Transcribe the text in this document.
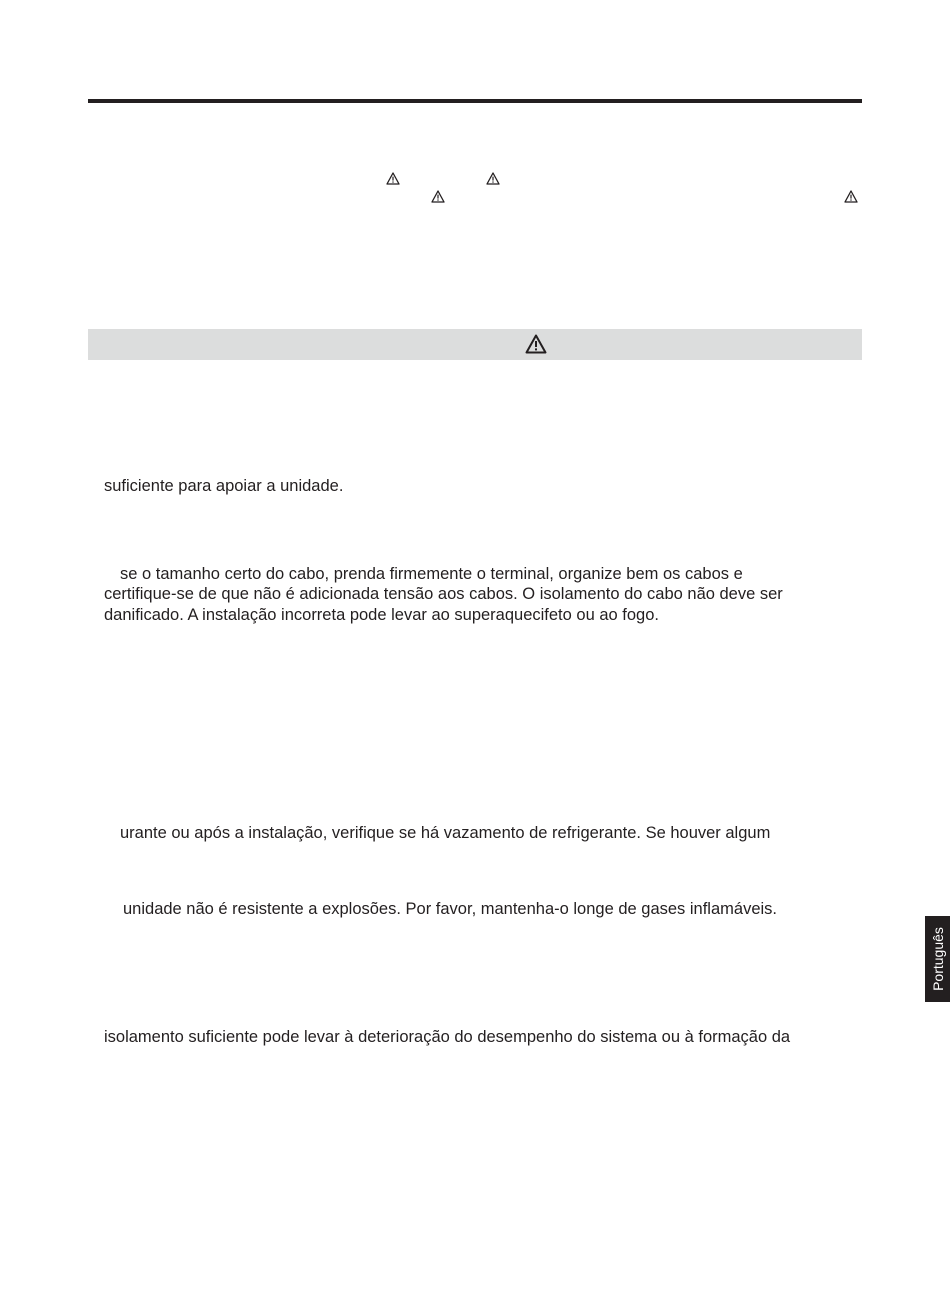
suficiente para apoiar a unidade.
se o tamanho certo do cabo, prenda firmemente o terminal, organize bem os cabos e
certifique-se de que não é adicionada tensão aos cabos. O isolamento do cabo não deve ser
danificado. A instalação incorreta pode levar ao superaquecifeto ou ao fogo.
urante ou após a instalação, verifique se há vazamento de refrigerante. Se houver algum
unidade não é resistente a explosões. Por favor, mantenha-o longe de gases inflamáveis.
isolamento suficiente pode levar à deterioração do desempenho do sistema ou à formação da
Português
